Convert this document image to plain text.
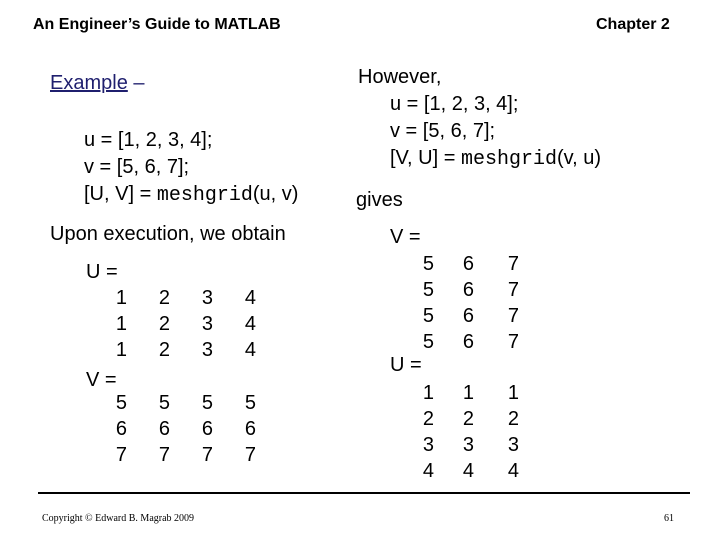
An Engineer’s Guide to MATLAB	Chapter 2
Example –
u = [1, 2, 3, 4];
v = [5, 6, 7];
[U, V] = meshgrid(u, v)
Upon execution, we obtain
U =
V =
1	2	3	4
1	2	3	4
1	2	3	4
5	5	5	5
6	6	6	6
7	7	7	7
However,
u = [1, 2, 3, 4];
v = [5, 6, 7];
[V, U] = meshgrid(v, u)
gives
V =
U =
5	6	7
5	6	7
5	6	7
5	6	7
1	1	1
2	2	2
3	3	3
4	4	4
Copyright © Edward B. Magrab 2009	61
